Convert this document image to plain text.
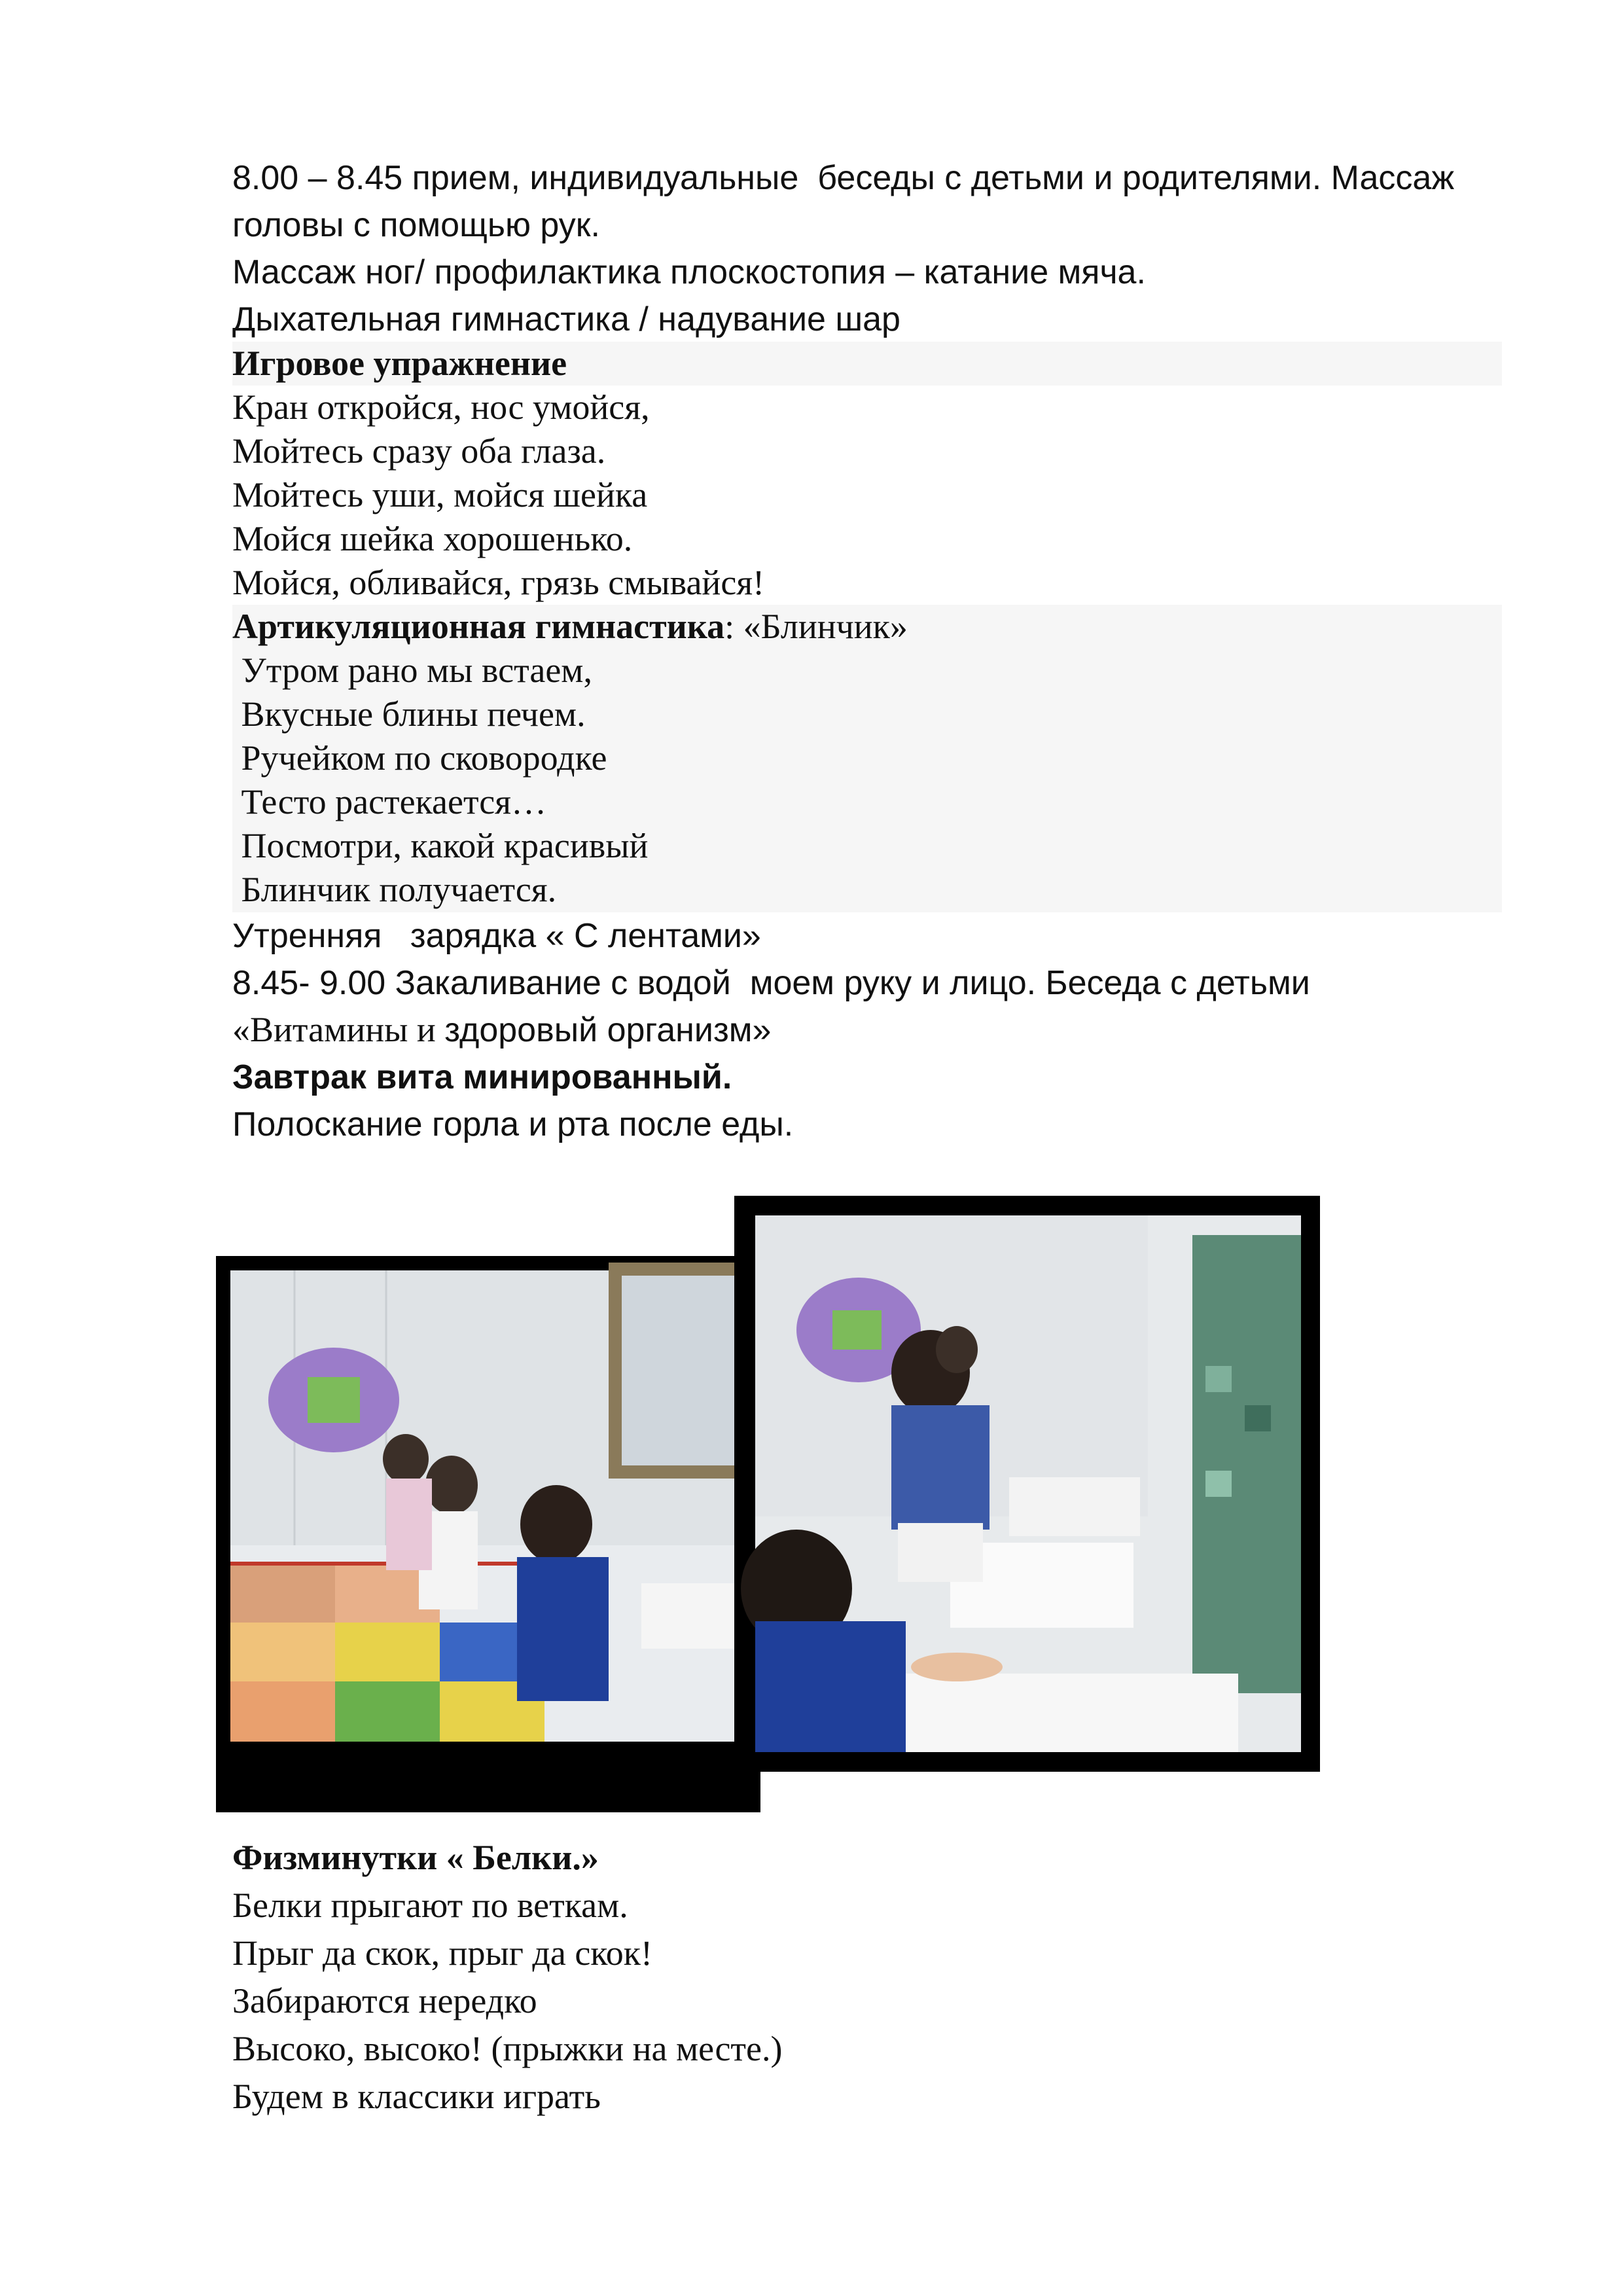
8.00 – 8.45 прием, индивидуальные  беседы с детьми и родителями. Массаж
головы с помощью рук.
Массаж ног/ профилактика плоскостопия – катание мяча.
Дыхательная гимнастика / надувание шар
Игровое упражнение
Кран откройся, нос умойся,
Мойтесь сразу оба глаза.
Мойтесь уши, мойся шейка
Мойся шейка хорошенько.
Мойся, обливайся, грязь смывайся!
Артикуляционная гимнастика: «Блинчик»
Утром рано мы встаем,
Вкусные блины печем.
Ручейком по сковородке
Тесто растекается…
Посмотри, какой красивый
Блинчик получается.
Утренняя   зарядка « С лентами»
8.45- 9.00 Закаливание с водой  моем руку и лицо. Беседа с детьми
«Витамины и здоровый организм»
Завтрак вита минированный.
Полоскание горла и рта после еды.
Физминутки « Белки.»
Белки прыгают по веткам.
Прыг да скок, прыг да скок!
Забираются нередко
Высоко, высоко! (прыжки на месте.)
Будем в классики играть
